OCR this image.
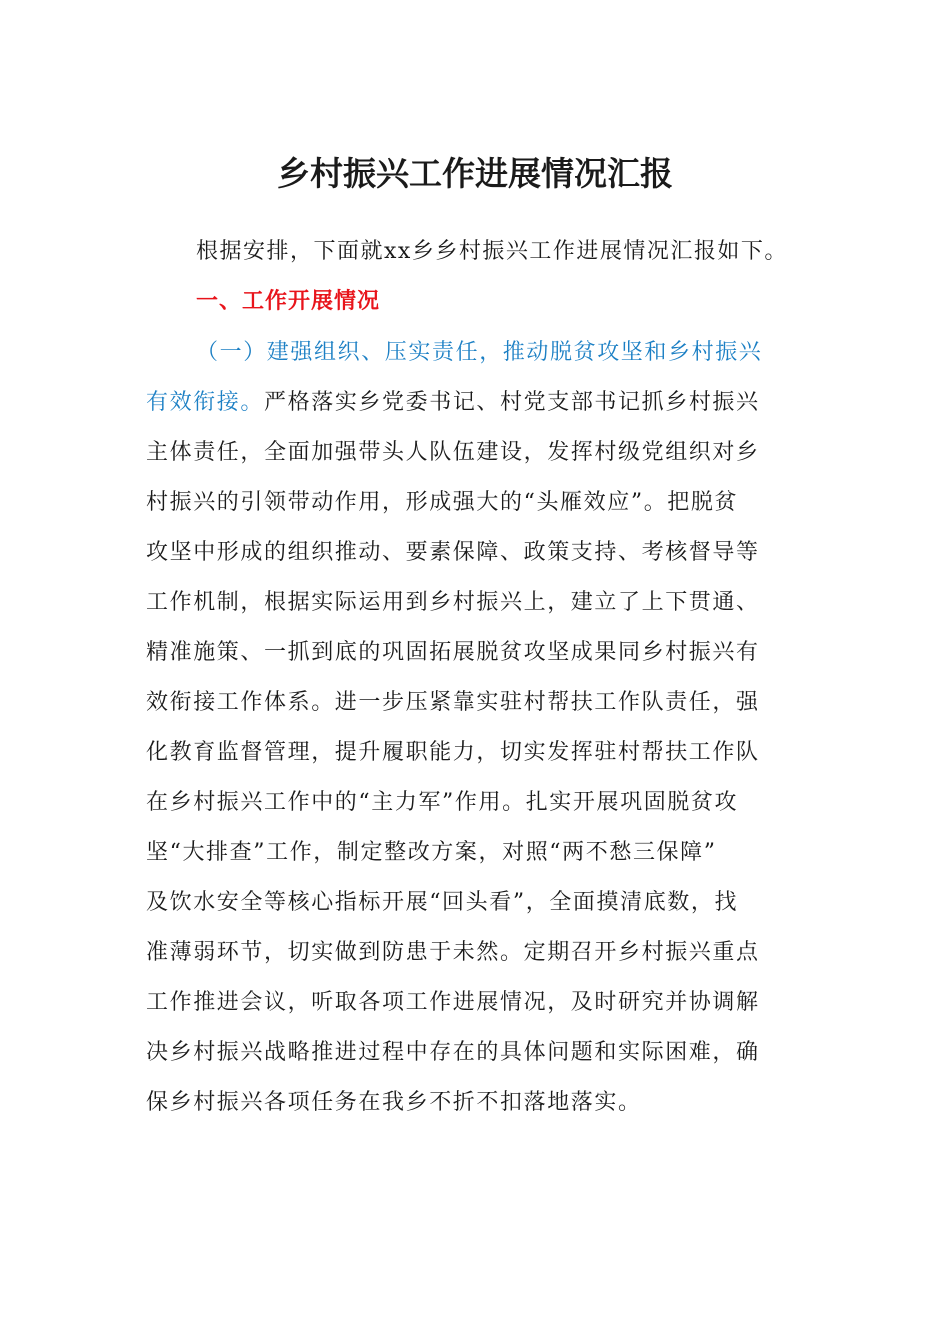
乡村振兴工作进展情况汇报

根据安排，下面就xx乡乡村振兴工作进展情况汇报如下。

一、工作开展情况
（一）建强组织、压实责任，推动脱贫攻坚和乡村振兴
有效衔接。严格落实乡党委书记、村党支部书记抓乡村振兴
主体责任，全面加强带头人队伍建设，发挥村级党组织对乡
村振兴的引领带动作用，形成强大的“头雁效应”。把脱贫
攻坚中形成的组织推动、要素保障、政策支持、考核督导等
工作机制，根据实际运用到乡村振兴上，建立了上下贯通、
精准施策、一抓到底的巩固拓展脱贫攻坚成果同乡村振兴有
效衔接工作体系。进一步压紧靠实驻村帮扶工作队责任，强
化教育监督管理，提升履职能力，切实发挥驻村帮扶工作队
在乡村振兴工作中的“主力军”作用。扎实开展巩固脱贫攻
坚“大排查”工作，制定整改方案，对照“两不愁三保障”
及饮水安全等核心指标开展“回头看”，全面摸清底数，找
准薄弱环节，切实做到防患于未然。定期召开乡村振兴重点
工作推进会议，听取各项工作进展情况，及时研究并协调解
决乡村振兴战略推进过程中存在的具体问题和实际困难，确
保乡村振兴各项任务在我乡不折不扣落地落实。
